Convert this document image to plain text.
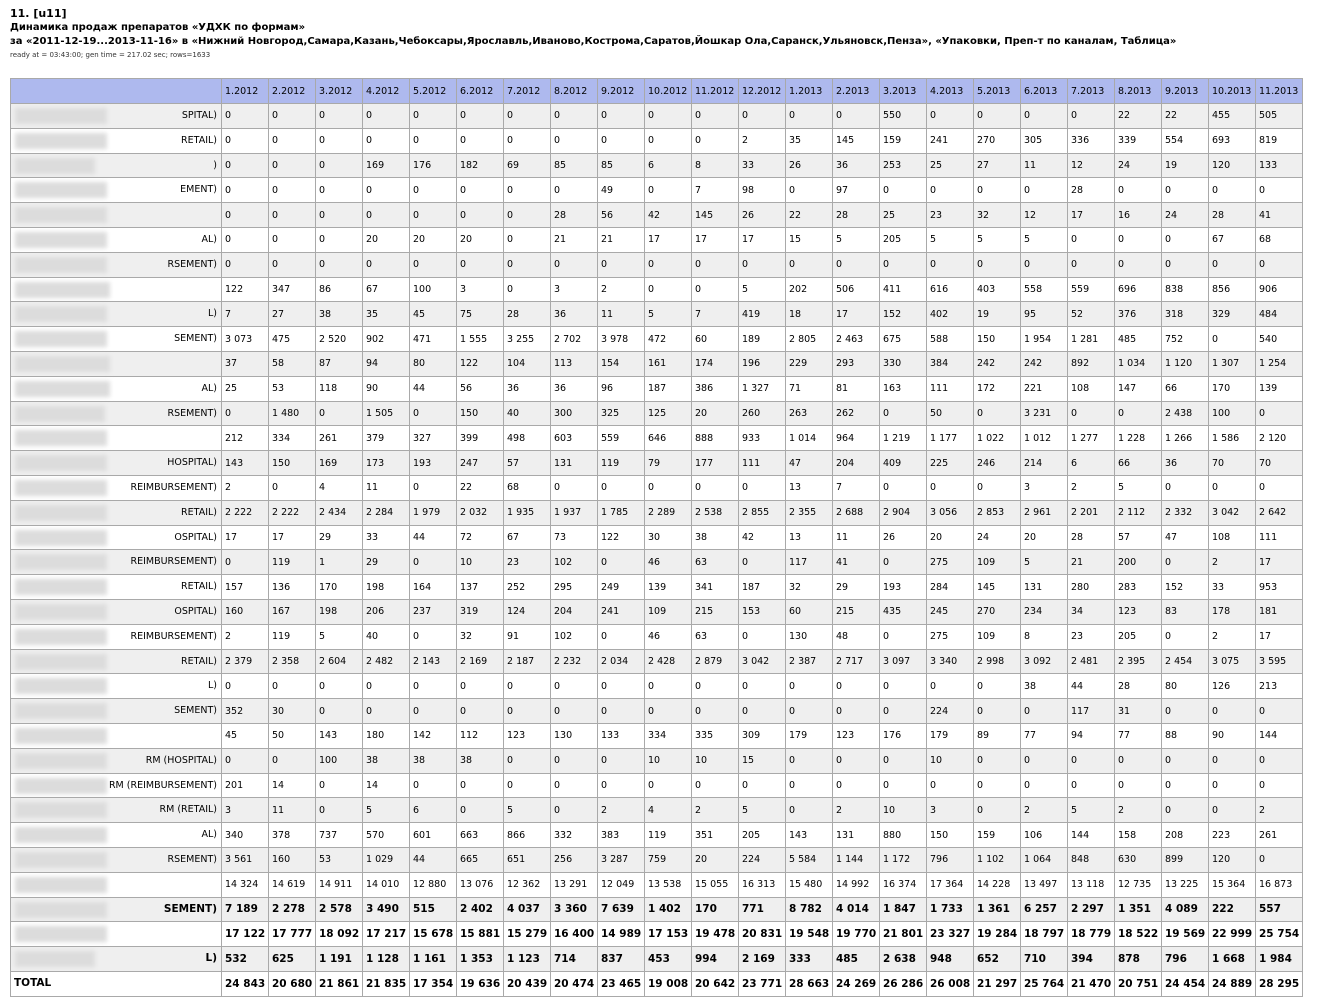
11. [u11]
Динамика продаж препаратов «УДХК по формам»
за «2011-12-19...2013-11-16» в «Нижний Новгород,Самара,Казань,Чебоксары,Ярославль,Иваново,Кострома,Саратов,Йошкар Ола,Саранск,Ульяновск,Пенза», «Упаковки, Преп-т по каналам, Таблица»
ready at = 03:43:00; gen time = 217.02 sec; rows=1633
	1.2012	2.2012	3.2012	4.2012	5.2012	6.2012	7.2012	8.2012	9.2012	10.2012	11.2012	12.2012	1.2013	2.2013	3.2013	4.2013	5.2013	6.2013	7.2013	8.2013	9.2013	10.2013	11.2013

SPITAL)	0	0	0	0	0	0	0	0	0	0	0	0	0	0	550	0	0	0	0	22	22	455	505

RETAIL)	0	0	0	0	0	0	0	0	0	0	0	2	35	145	159	241	270	305	336	339	554	693	819

)	0	0	0	169	176	182	69	85	85	6	8	33	26	36	253	25	27	11	12	24	19	120	133

EMENT)	0	0	0	0	0	0	0	0	49	0	7	98	0	97	0	0	0	0	28	0	0	0	0

	0	0	0	0	0	0	0	28	56	42	145	26	22	28	25	23	32	12	17	16	24	28	41

AL)	0	0	0	20	20	20	0	21	21	17	17	17	15	5	205	5	5	5	0	0	0	67	68

RSEMENT)	0	0	0	0	0	0	0	0	0	0	0	0	0	0	0	0	0	0	0	0	0	0	0

	122	347	86	67	100	3	0	3	2	0	0	5	202	506	411	616	403	558	559	696	838	856	906

L)	7	27	38	35	45	75	28	36	11	5	7	419	18	17	152	402	19	95	52	376	318	329	484

SEMENT)	3 073	475	2 520	902	471	1 555	3 255	2 702	3 978	472	60	189	2 805	2 463	675	588	150	1 954	1 281	485	752	0	540

	37	58	87	94	80	122	104	113	154	161	174	196	229	293	330	384	242	242	892	1 034	1 120	1 307	1 254

AL)	25	53	118	90	44	56	36	36	96	187	386	1 327	71	81	163	111	172	221	108	147	66	170	139

RSEMENT)	0	1 480	0	1 505	0	150	40	300	325	125	20	260	263	262	0	50	0	3 231	0	0	2 438	100	0

	212	334	261	379	327	399	498	603	559	646	888	933	1 014	964	1 219	1 177	1 022	1 012	1 277	1 228	1 266	1 586	2 120

HOSPITAL)	143	150	169	173	193	247	57	131	119	79	177	111	47	204	409	225	246	214	6	66	36	70	70

REIMBURSEMENT)	2	0	4	11	0	22	68	0	0	0	0	0	13	7	0	0	0	3	2	5	0	0	0

RETAIL)	2 222	2 222	2 434	2 284	1 979	2 032	1 935	1 937	1 785	2 289	2 538	2 855	2 355	2 688	2 904	3 056	2 853	2 961	2 201	2 112	2 332	3 042	2 642

OSPITAL)	17	17	29	33	44	72	67	73	122	30	38	42	13	11	26	20	24	20	28	57	47	108	111

REIMBURSEMENT)	0	119	1	29	0	10	23	102	0	46	63	0	117	41	0	275	109	5	21	200	0	2	17

RETAIL)	157	136	170	198	164	137	252	295	249	139	341	187	32	29	193	284	145	131	280	283	152	33	953

OSPITAL)	160	167	198	206	237	319	124	204	241	109	215	153	60	215	435	245	270	234	34	123	83	178	181

REIMBURSEMENT)	2	119	5	40	0	32	91	102	0	46	63	0	130	48	0	275	109	8	23	205	0	2	17

RETAIL)	2 379	2 358	2 604	2 482	2 143	2 169	2 187	2 232	2 034	2 428	2 879	3 042	2 387	2 717	3 097	3 340	2 998	3 092	2 481	2 395	2 454	3 075	3 595

L)	0	0	0	0	0	0	0	0	0	0	0	0	0	0	0	0	0	38	44	28	80	126	213

SEMENT)	352	30	0	0	0	0	0	0	0	0	0	0	0	0	0	224	0	0	117	31	0	0	0

	45	50	143	180	142	112	123	130	133	334	335	309	179	123	176	179	89	77	94	77	88	90	144

RM (HOSPITAL)	0	0	100	38	38	38	0	0	0	10	10	15	0	0	0	10	0	0	0	0	0	0	0

RM (REIMBURSEMENT)	201	14	0	14	0	0	0	0	0	0	0	0	0	0	0	0	0	0	0	0	0	0	0

RM (RETAIL)	3	11	0	5	6	0	5	0	2	4	2	5	0	2	10	3	0	2	5	2	0	0	2

AL)	340	378	737	570	601	663	866	332	383	119	351	205	143	131	880	150	159	106	144	158	208	223	261

RSEMENT)	3 561	160	53	1 029	44	665	651	256	3 287	759	20	224	5 584	1 144	1 172	796	1 102	1 064	848	630	899	120	0

	14 324	14 619	14 911	14 010	12 880	13 076	12 362	13 291	12 049	13 538	15 055	16 313	15 480	14 992	16 374	17 364	14 228	13 497	13 118	12 735	13 225	15 364	16 873

SEMENT)	7 189	2 278	2 578	3 490	515	2 402	4 037	3 360	7 639	1 402	170	771	8 782	4 014	1 847	1 733	1 361	6 257	2 297	1 351	4 089	222	557

	17 122	17 777	18 092	17 217	15 678	15 881	15 279	16 400	14 989	17 153	19 478	20 831	19 548	19 770	21 801	23 327	19 284	18 797	18 779	18 522	19 569	22 999	25 754

L)	532	625	1 191	1 128	1 161	1 353	1 123	714	837	453	994	2 169	333	485	2 638	948	652	710	394	878	796	1 668	1 984

TOTAL	24 843	20 680	21 861	21 835	17 354	19 636	20 439	20 474	23 465	19 008	20 642	23 771	28 663	24 269	26 286	26 008	21 297	25 764	21 470	20 751	24 454	24 889	28 295
